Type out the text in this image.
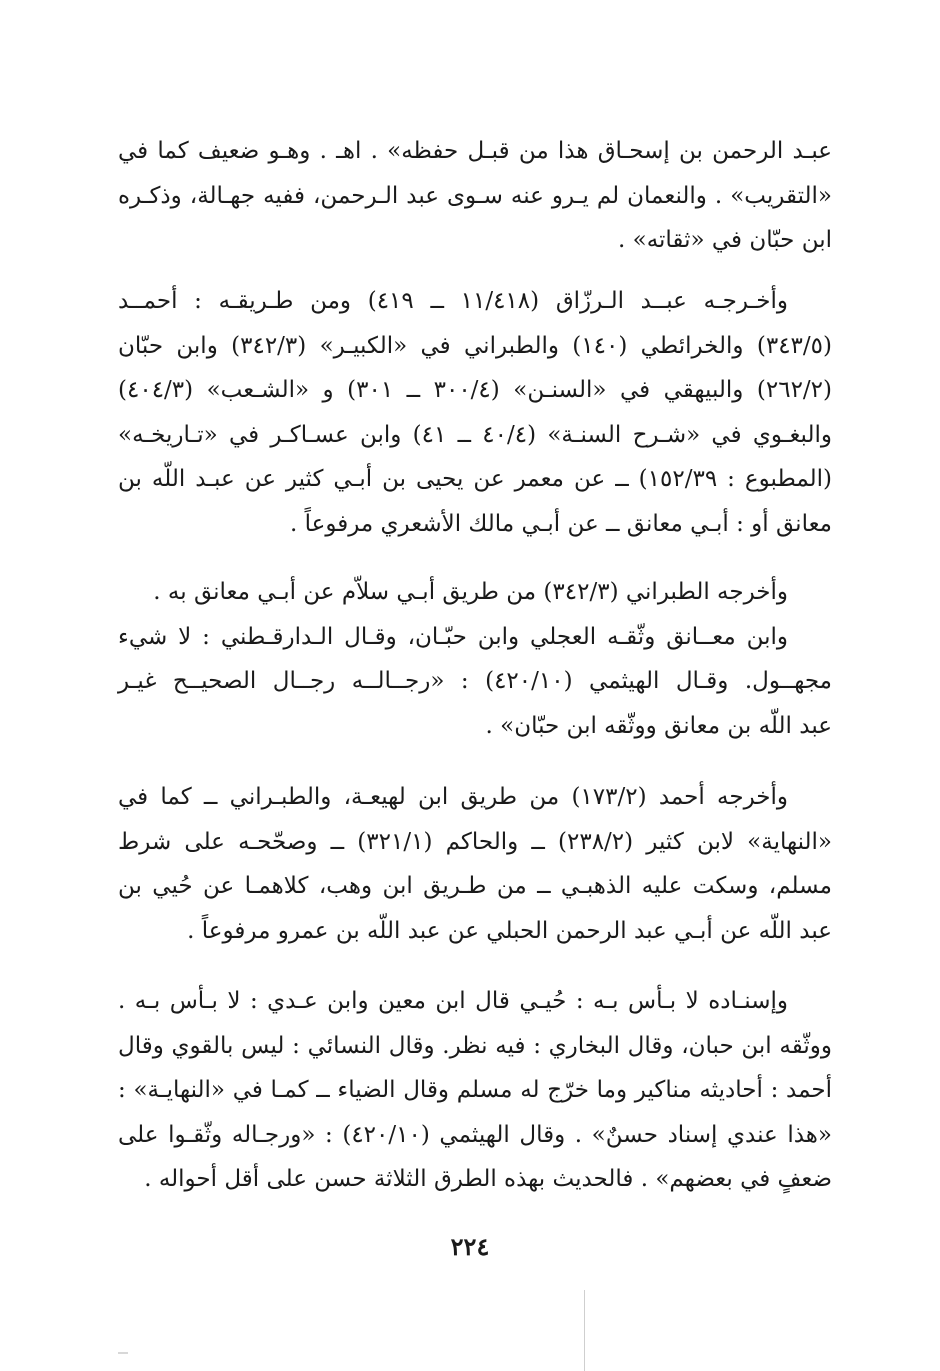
عبـد الرحمن بن إسحـاق هذا من قبـل حفظه» . اهـ . وهـو ضعيف كما في
«التقريب» . والنعمان لم يـرو عنه سـوى عبد الـرحمن، ففيه جهـالة، وذكـره
ابن حبّان في «ثقاته» .
وأخـرجـه عبــد الـرزّاق (١١/٤١٨ ــ ٤١٩) ومن طـريقـه : أحمــد
(٣٤٣/٥) والخرائطي (١٤٠) والطبراني في «الكبيـر» (٣٤٢/٣) وابن حبّان
(٢٦٢/٢) والبيهقي في «السنـن» (٣٠٠/٤ ــ ٣٠١) و «الشـعب» (٤٠٤/٣)
والبغـوي في «شـرح السنـة» (٤٠/٤ ــ ٤١) وابن عسـاكـر في «تـاريخـه»
(المطبوع : ١٥٢/٣٩) ــ عن معمر عن يحيى بن أبـي كثير عن عبـد اللّه بن
معانق أو : أبـي معانق ــ عن أبـي مالك الأشعري مرفوعاً .
وأخرجه الطبراني (٣٤٢/٣) من طريق أبـي سلاّم عن أبـي معانق به .
وابن معــانق وثّقـه العجلي وابن حبّـان، وقـال الـدارقـطني : لا شيء
مجهــول. وقـال الهيثمي (٤٢٠/١٠) : «رجــالــه رجــال الصحيــح غيـر
عبد اللّه بن معانق ووثّقه ابن حبّان» .
وأخرجه أحمد (١٧٣/٢) من طريق ابن لهيعـة، والطبـراني ــ كما في
«النهاية» لابن كثير (٢٣٨/٢) ــ والحاكم (٣٢١/١) ــ وصحّحـه على شرط
مسلم، وسكت عليه الذهبـي ــ من طـريق ابن وهب، كلاهمـا عن حُيي بن
عبد اللّه عن أبـي عبد الرحمن الحبلي عن عبد اللّه بن عمرو مرفوعاً .
وإسنـاده لا بـأس بـه : حُيـي قال ابن معين وابن عـدي : لا بـأس بـه .
ووثّقه ابن حبان، وقال البخاري : فيه نظر. وقال النسائي : ليس بالقوي وقال
أحمد : أحاديثه مناكير وما خرّج له مسلم وقال الضياء ــ كمـا في «النهايـة» :
«هذا عندي إسناد حسنٌ» . وقال الهيثمي (٤٢٠/١٠) : «ورجـاله وثّقـوا على
ضعفٍ في بعضهم» . فالحديث بهذه الطرق الثلاثة حسن على أقل أحواله .
٢٢٤
